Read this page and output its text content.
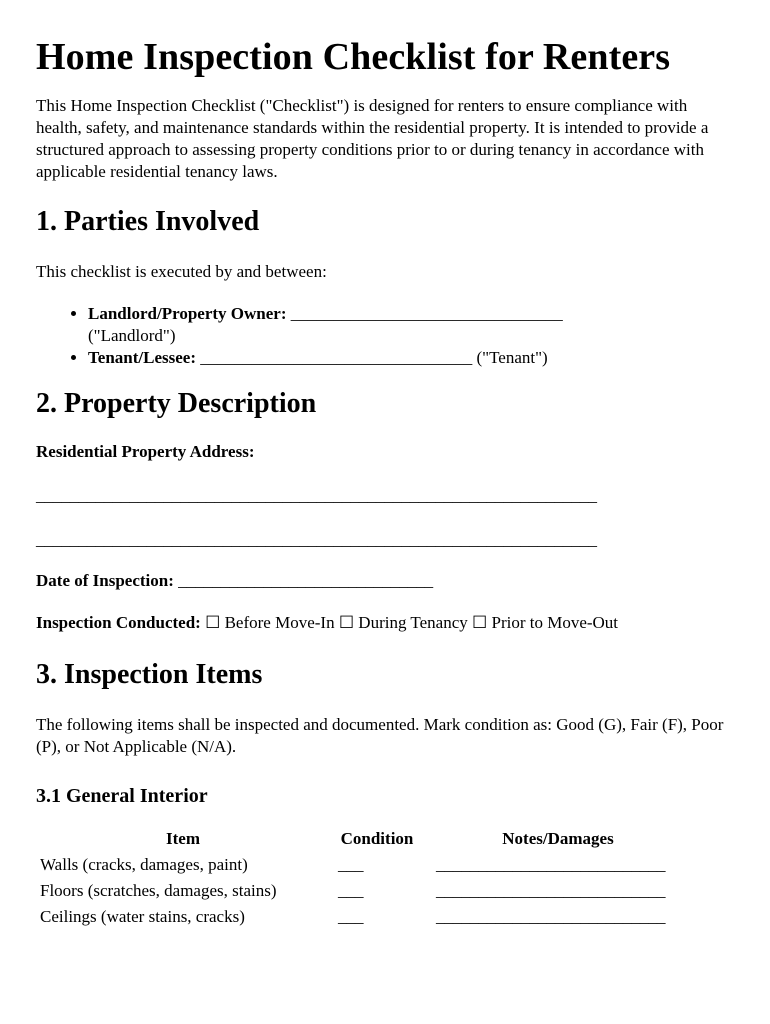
Home Inspection Checklist for Renters

This Home Inspection Checklist ("Checklist") is designed for renters to ensure compliance with health, safety, and maintenance standards within the residential property. It is intended to provide a structured approach to assessing property conditions prior to or during tenancy in accordance with applicable residential tenancy laws.

1. Parties Involved

This checklist is executed by and between:

• Landlord/Property Owner: ________________________________
("Landlord")
• Tenant/Lessee: ________________________________ ("Tenant")
2. Property Description

Residential Property Address:

__________________________________________________________________

__________________________________________________________________

Date of Inspection: ______________________________

Inspection Conducted: ☐ Before Move-In ☐ During Tenancy ☐ Prior to Move-Out

3. Inspection Items

The following items shall be inspected and documented. Mark condition as: Good (G), Fair (F), Poor (P), or Not Applicable (N/A).

3.1 General Interior
Item	Condition	Notes/Damages
Walls (cracks, damages, paint)	___	___________________________
Floors (scratches, damages, stains)	___	___________________________
Ceilings (water stains, cracks)	___	___________________________
